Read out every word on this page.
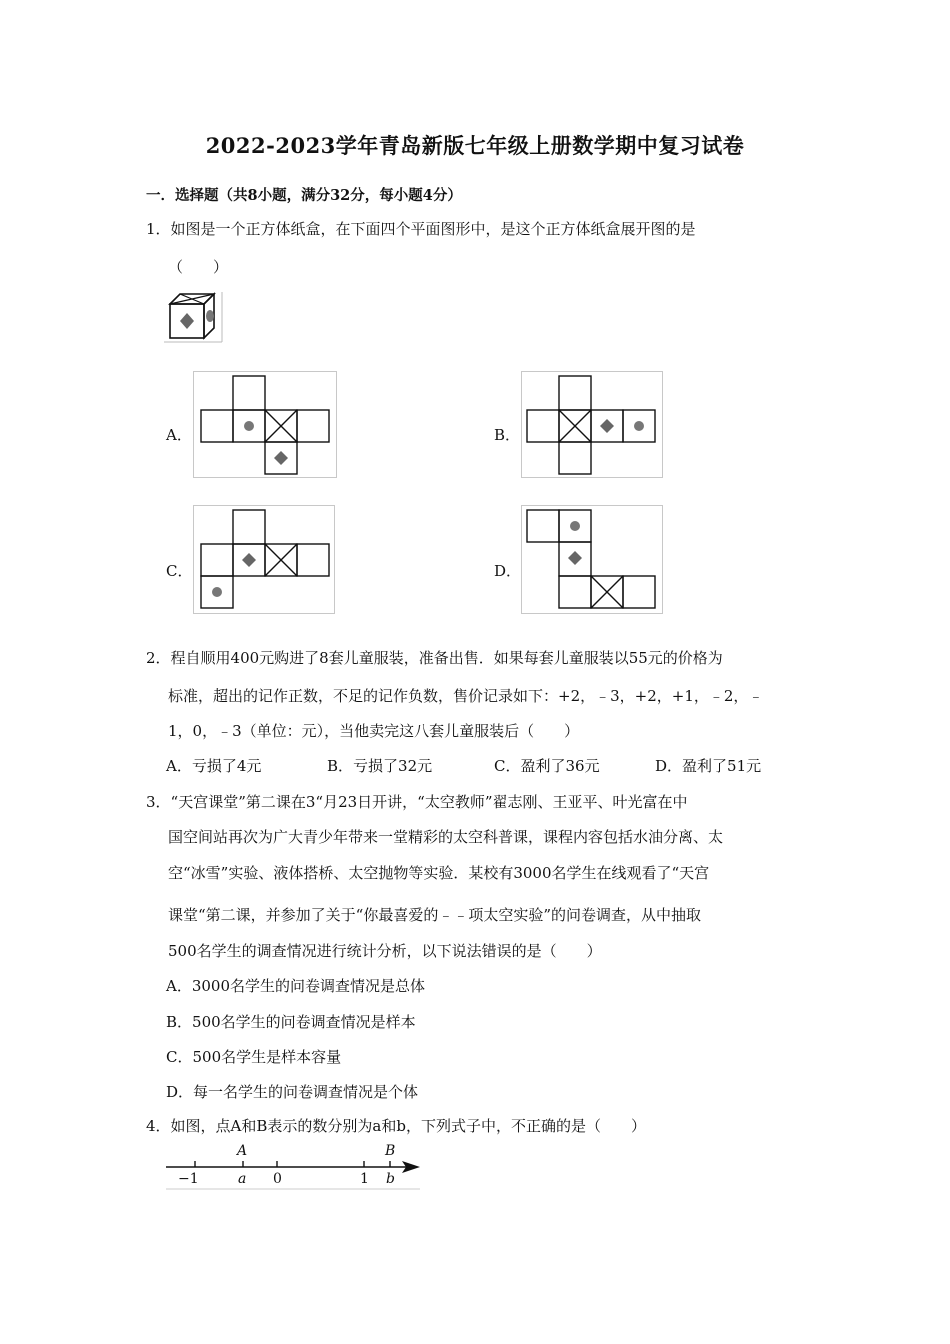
2022-2023学年青岛新版七年级上册数学期中复习试卷
一．选择题（共8小题，满分32分，每小题4分）
1．如图是一个正方体纸盒，在下面四个平面图形中，是这个正方体纸盒展开图的是
（　　）
A．	B．
C．	D．
2．程自顺用400元购进了8套儿童服装，准备出售．如果每套儿童服装以55元的价格为
标准，超出的记作正数，不足的记作负数，售价记录如下：+2，﹣3，+2，+1，﹣2，﹣
1，0，﹣3（单位：元），当他卖完这八套儿童服装后（　　）
A．亏损了4元	B．亏损了32元	C．盈利了36元	D．盈利了51元
3．“天宫课堂”第二课在3“月23日开讲，“太空教师”翟志刚、王亚平、叶光富在中
国空间站再次为广大青少年带来一堂精彩的太空科普课，课程内容包括水油分离、太
空“冰雪”实验、液体搭桥、太空抛物等实验．某校有3000名学生在线观看了“天宫
课堂“第二课，并参加了关于“你最喜爱的﹣﹣项太空实验”的问卷调查，从中抽取
500名学生的调查情况进行统计分析，以下说法错误的是（　　）
A．3000名学生的问卷调查情况是总体
B．500名学生的问卷调查情况是样本
C．500名学生是样本容量
D．每一名学生的问卷调查情况是个体
4．如图，点A和B表示的数分别为a和b，下列式子中，不正确的是（　　）
A	B
−1	a 0	1 b
